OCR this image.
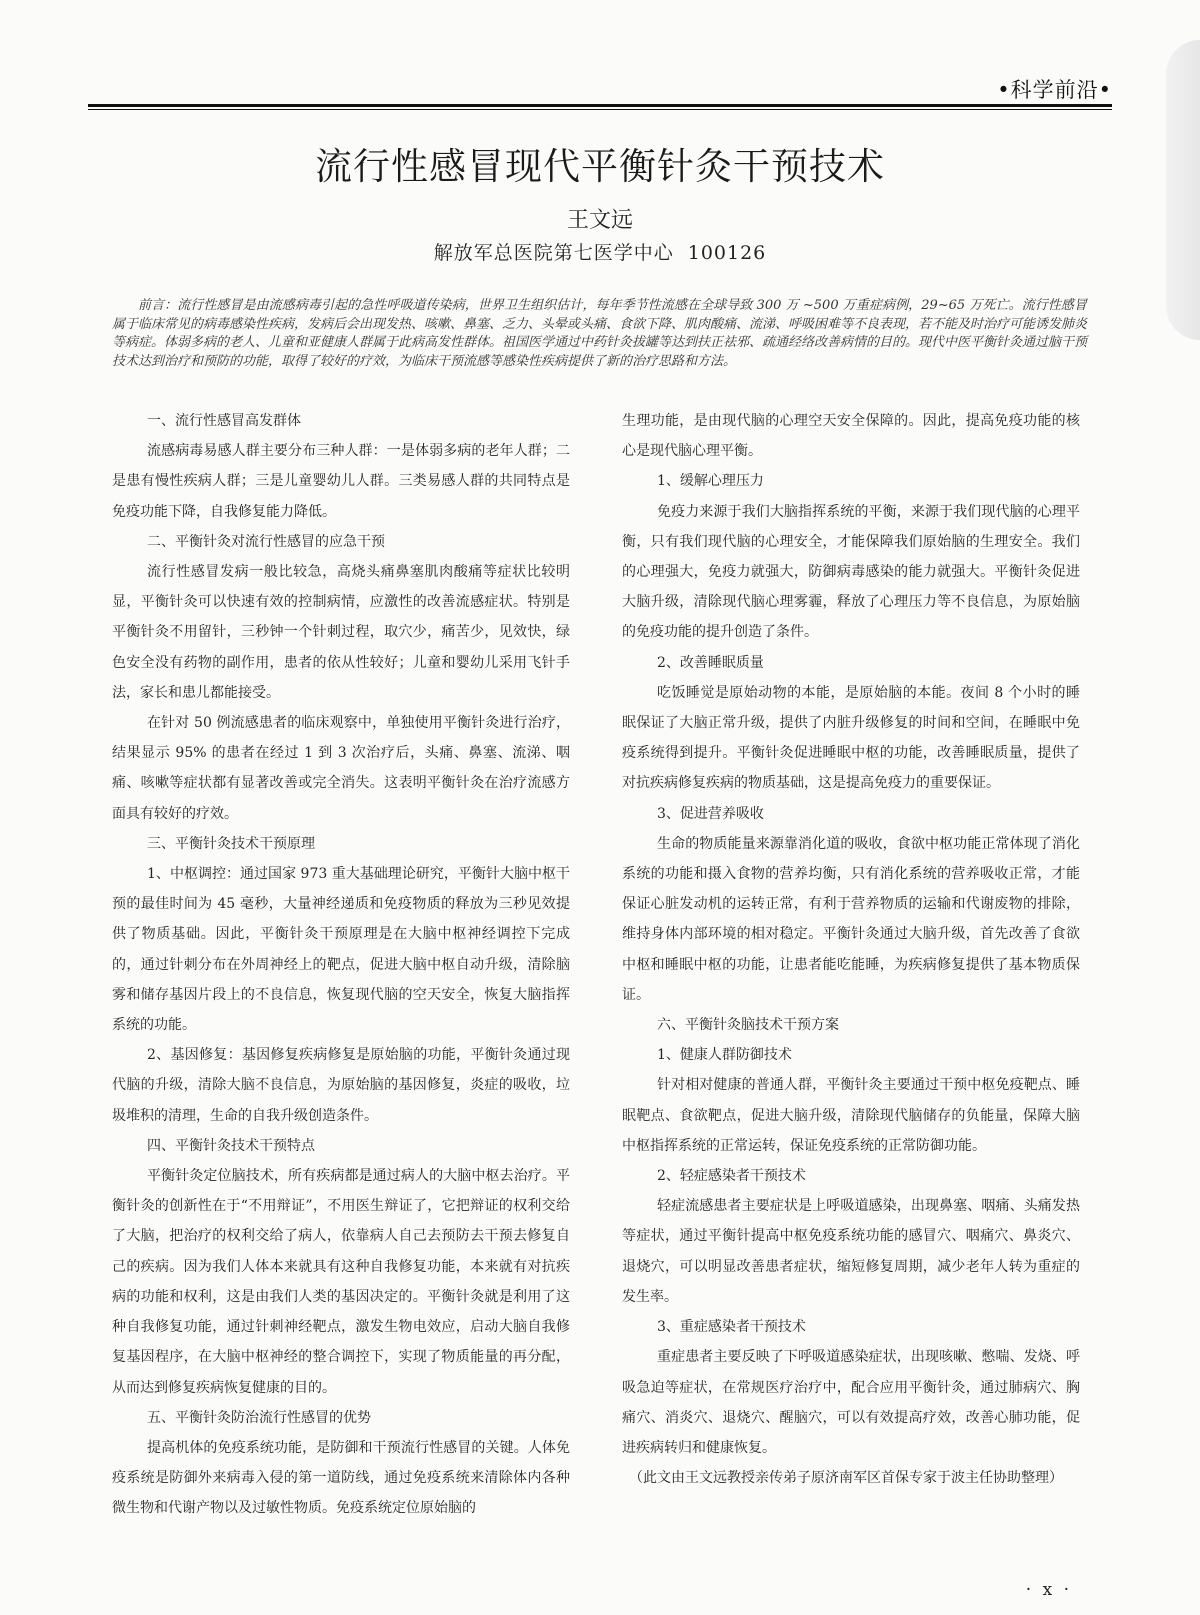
•科学前沿•
流行性感冒现代平衡针灸干预技术
王文远
解放军总医院第七医学中心 100126
前言：流行性感冒是由流感病毒引起的急性呼吸道传染病，世界卫生组织估计，每年季节性流感在全球导致 300 万 ~500 万重症病例，29~65 万死亡。流行性感冒属于临床常见的病毒感染性疾病，发病后会出现发热、咳嗽、鼻塞、乏力、头晕或头痛、食欲下降、肌肉酸痛、流涕、呼吸困难等不良表现，若不能及时治疗可能诱发肺炎等病症。体弱多病的老人、儿童和亚健康人群属于此病高发性群体。祖国医学通过中药针灸拔罐等达到扶正祛邪、疏通经络改善病情的目的。现代中医平衡针灸通过脑干预技术达到治疗和预防的功能，取得了较好的疗效，为临床干预流感等感染性疾病提供了新的治疗思路和方法。

一、流行性感冒高发群体

流感病毒易感人群主要分布三种人群：一是体弱多病的老年人群；二是患有慢性疾病人群；三是儿童婴幼儿人群。三类易感人群的共同特点是免疫功能下降，自我修复能力降低。

二、平衡针灸对流行性感冒的应急干预

流行性感冒发病一般比较急，高烧头痛鼻塞肌肉酸痛等症状比较明显，平衡针灸可以快速有效的控制病情，应激性的改善流感症状。特别是平衡针灸不用留针，三秒钟一个针刺过程，取穴少，痛苦少，见效快，绿色安全没有药物的副作用，患者的依从性较好；儿童和婴幼儿采用飞针手法，家长和患儿都能接受。

在针对 50 例流感患者的临床观察中，单独使用平衡针灸进行治疗，结果显示 95% 的患者在经过 1 到 3 次治疗后，头痛、鼻塞、流涕、咽痛、咳嗽等症状都有显著改善或完全消失。这表明平衡针灸在治疗流感方面具有较好的疗效。

三、平衡针灸技术干预原理

1、中枢调控：通过国家 973 重大基础理论研究，平衡针大脑中枢干预的最佳时间为 45 毫秒，大量神经递质和免疫物质的释放为三秒见效提供了物质基础。因此，平衡针灸干预原理是在大脑中枢神经调控下完成的，通过针刺分布在外周神经上的靶点，促进大脑中枢自动升级，清除脑雾和储存基因片段上的不良信息，恢复现代脑的空天安全，恢复大脑指挥系统的功能。

2、基因修复：基因修复疾病修复是原始脑的功能，平衡针灸通过现代脑的升级，清除大脑不良信息，为原始脑的基因修复，炎症的吸收，垃圾堆积的清理，生命的自我升级创造条件。

四、平衡针灸技术干预特点

平衡针灸定位脑技术，所有疾病都是通过病人的大脑中枢去治疗。平衡针灸的创新性在于“不用辩证”，不用医生辩证了，它把辩证的权利交给了大脑，把治疗的权利交给了病人，依靠病人自己去预防去干预去修复自己的疾病。因为我们人体本来就具有这种自我修复功能，本来就有对抗疾病的功能和权利，这是由我们人类的基因决定的。平衡针灸就是利用了这种自我修复功能，通过针刺神经靶点，激发生物电效应，启动大脑自我修复基因程序，在大脑中枢神经的整合调控下，实现了物质能量的再分配，从而达到修复疾病恢复健康的目的。

五、平衡针灸防治流行性感冒的优势

提高机体的免疫系统功能，是防御和干预流行性感冒的关键。人体免疫系统是防御外来病毒入侵的第一道防线，通过免疫系统来清除体内各种微生物和代谢产物以及过敏性物质。免疫系统定位原始脑的

生理功能，是由现代脑的心理空天安全保障的。因此，提高免疫功能的核心是现代脑心理平衡。

1、缓解心理压力

免疫力来源于我们大脑指挥系统的平衡，来源于我们现代脑的心理平衡，只有我们现代脑的心理安全，才能保障我们原始脑的生理安全。我们的心理强大，免疫力就强大，防御病毒感染的能力就强大。平衡针灸促进大脑升级，清除现代脑心理雾霾，释放了心理压力等不良信息，为原始脑的免疫功能的提升创造了条件。

2、改善睡眠质量

吃饭睡觉是原始动物的本能，是原始脑的本能。夜间 8 个小时的睡眠保证了大脑正常升级，提供了内脏升级修复的时间和空间，在睡眠中免疫系统得到提升。平衡针灸促进睡眠中枢的功能，改善睡眠质量，提供了对抗疾病修复疾病的物质基础，这是提高免疫力的重要保证。

3、促进营养吸收

生命的物质能量来源靠消化道的吸收，食欲中枢功能正常体现了消化系统的功能和摄入食物的营养均衡，只有消化系统的营养吸收正常，才能保证心脏发动机的运转正常，有利于营养物质的运输和代谢废物的排除，维持身体内部环境的相对稳定。平衡针灸通过大脑升级，首先改善了食欲中枢和睡眠中枢的功能，让患者能吃能睡，为疾病修复提供了基本物质保证。

六、平衡针灸脑技术干预方案

1、健康人群防御技术

针对相对健康的普通人群，平衡针灸主要通过干预中枢免疫靶点、睡眠靶点、食欲靶点，促进大脑升级，清除现代脑储存的负能量，保障大脑中枢指挥系统的正常运转，保证免疫系统的正常防御功能。

2、轻症感染者干预技术

轻症流感患者主要症状是上呼吸道感染，出现鼻塞、咽痛、头痛发热等症状，通过平衡针提高中枢免疫系统功能的感冒穴、咽痛穴、鼻炎穴、退烧穴，可以明显改善患者症状，缩短修复周期，减少老年人转为重症的发生率。

3、重症感染者干预技术

重症患者主要反映了下呼吸道感染症状，出现咳嗽、憋喘、发烧、呼吸急迫等症状，在常规医疗治疗中，配合应用平衡针灸，通过肺病穴、胸痛穴、消炎穴、退烧穴、醒脑穴，可以有效提高疗效，改善心肺功能，促进疾病转归和健康恢复。

（此文由王文远教授亲传弟子原济南军区首保专家于波主任协助整理）

· x ·
